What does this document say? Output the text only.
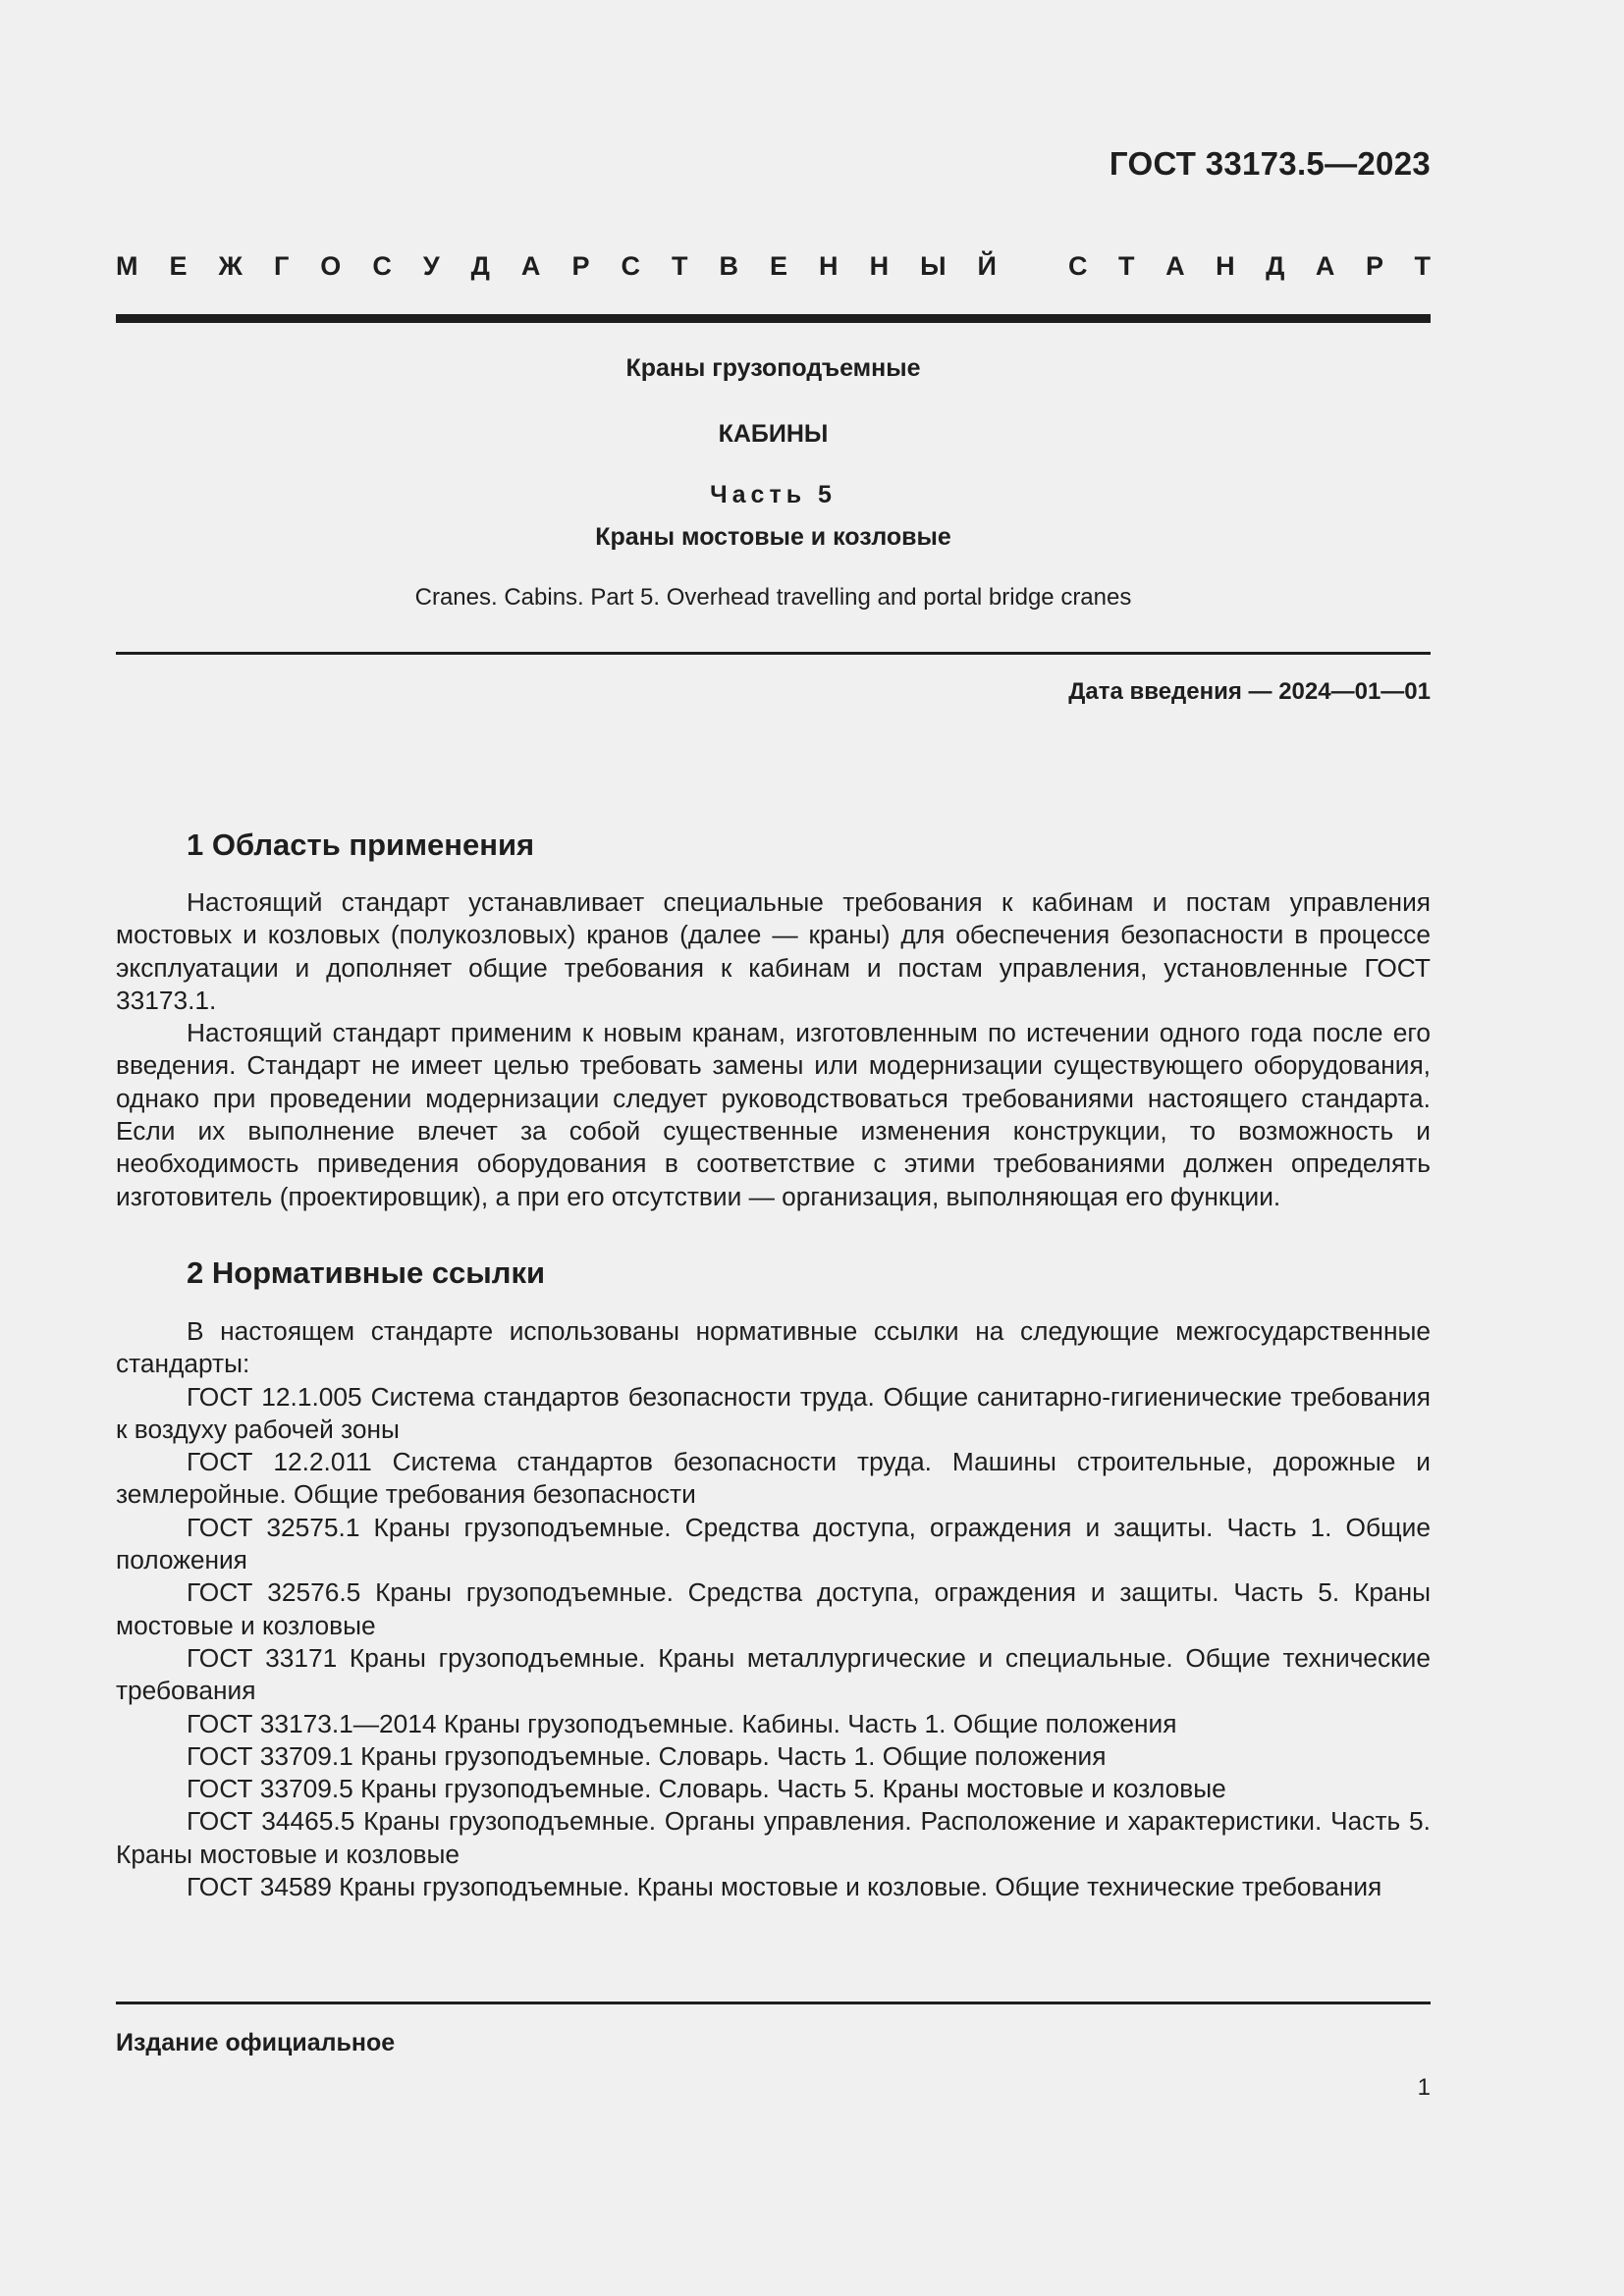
ГОСТ 33173.5—2023
М Е Ж Г О С У Д А Р С Т В Е Н Н Ы Й	С Т А Н Д А Р Т
Краны грузоподъемные
КАБИНЫ
Часть 5
Краны мостовые и козловые
Cranes. Cabins. Part 5. Overhead travelling and portal bridge cranes
Дата введения — 2024—01—01
1 Область применения

Настоящий стандарт устанавливает специальные требования к кабинам и постам управления мостовых и козловых (полукозловых) кранов (далее — краны) для обеспечения безопасности в процессе эксплуатации и дополняет общие требования к кабинам и постам управления, установленные ГОСТ 33173.1.

Настоящий стандарт применим к новым кранам, изготовленным по истечении одного года после его введения. Стандарт не имеет целью требовать замены или модернизации существующего оборудования, однако при проведении модернизации следует руководствоваться требованиями настоящего стандарта. Если их выполнение влечет за собой существенные изменения конструкции, то возможность и необходимость приведения оборудования в соответствие с этими требованиями должен определять изготовитель (проектировщик), а при его отсутствии — организация, выполняющая его функции.

2 Нормативные ссылки

В настоящем стандарте использованы нормативные ссылки на следующие межгосударственные стандарты:

ГОСТ 12.1.005 Система стандартов безопасности труда. Общие санитарно-гигиенические требования к воздуху рабочей зоны

ГОСТ 12.2.011 Система стандартов безопасности труда. Машины строительные, дорожные и землеройные. Общие требования безопасности

ГОСТ 32575.1 Краны грузоподъемные. Средства доступа, ограждения и защиты. Часть 1. Общие положения

ГОСТ 32576.5 Краны грузоподъемные. Средства доступа, ограждения и защиты. Часть 5. Краны мостовые и козловые

ГОСТ 33171 Краны грузоподъемные. Краны металлургические и специальные. Общие технические требования

ГОСТ 33173.1—2014 Краны грузоподъемные. Кабины. Часть 1. Общие положения

ГОСТ 33709.1 Краны грузоподъемные. Словарь. Часть 1. Общие положения

ГОСТ 33709.5 Краны грузоподъемные. Словарь. Часть 5. Краны мостовые и козловые

ГОСТ 34465.5 Краны грузоподъемные. Органы управления. Расположение и характеристики. Часть 5. Краны мостовые и козловые

ГОСТ 34589 Краны грузоподъемные. Краны мостовые и козловые. Общие технические требования

Издание официальное
1
